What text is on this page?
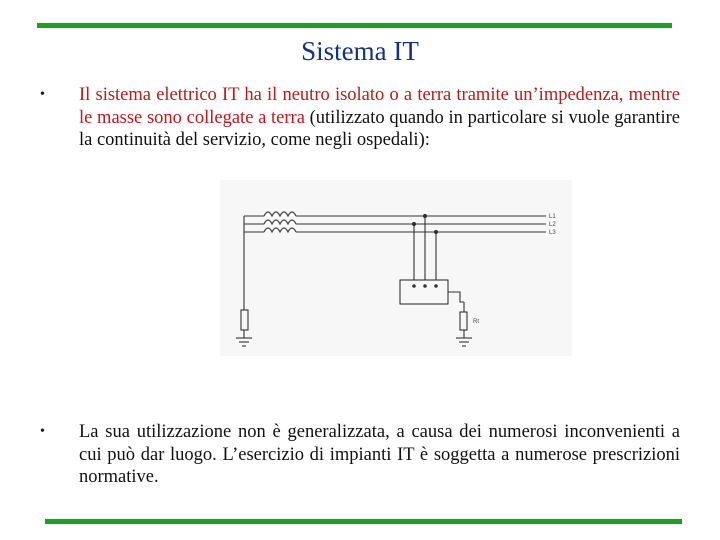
Sistema IT
•	Il sistema elettrico IT ha il neutro isolato o a terra tramite un’impedenza, mentre le masse sono collegate a terra (utilizzato quando in particolare si vuole garantire la continuità del servizio, come negli ospedali):
L1
L2
L3
Rt
•	La sua utilizzazione non è generalizzata, a causa dei numerosi inconvenienti a cui può dar luogo. L’esercizio di impianti IT è soggetta a numerose prescrizioni normative.
